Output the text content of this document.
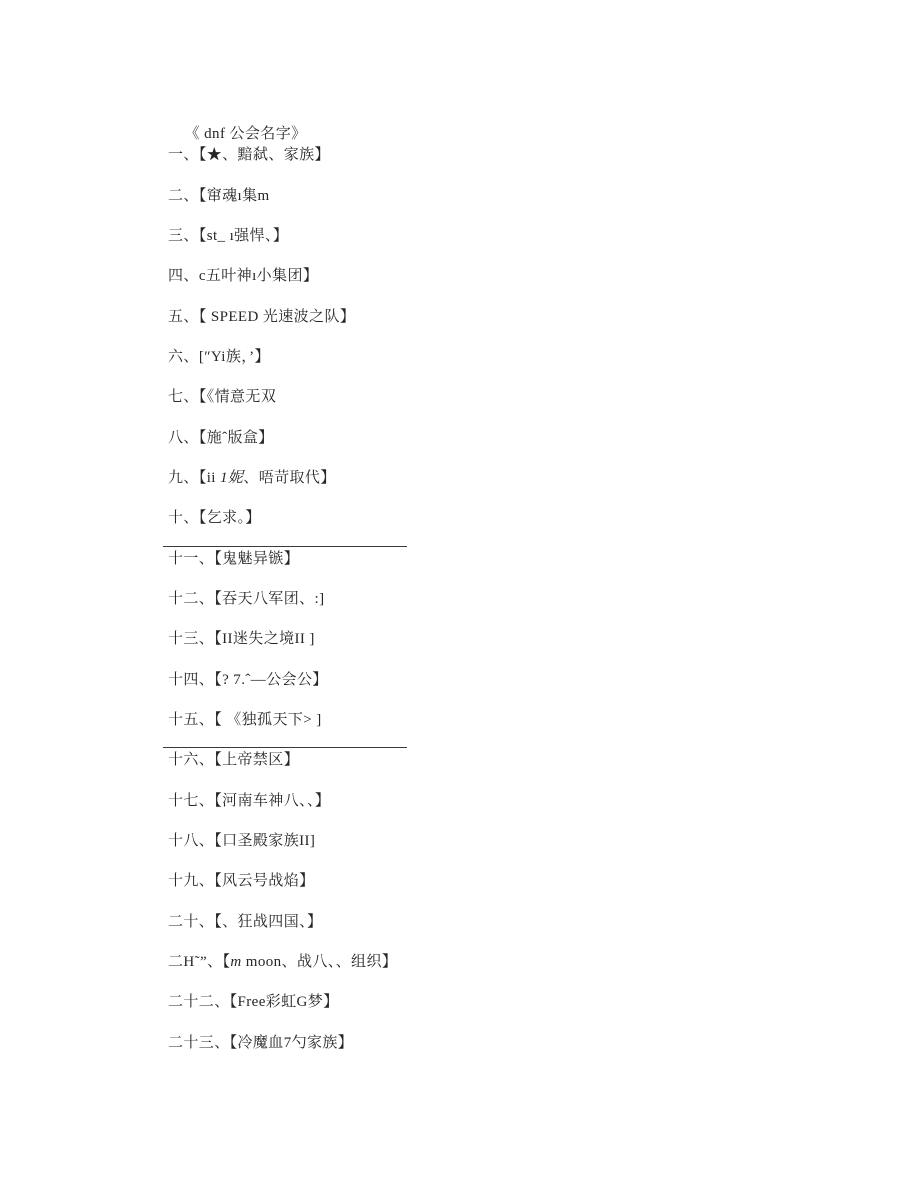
《 dnf 公会名字》

一、【★、黯弑、家族】
二、【窜魂ı集m
三、【st_ ı强悍、】
四、c五叶神ı小集团】
五、【 SPEED 光速波之队】
六、[″Yi族，’】
七、【《情意无双
八、【施ˆ版盒】
九、【ii 1妮、唔苛取代】
十、【乞求。】
十一、【鬼魅异镞】
十二、【吞天八军团、:]
十三、【II迷失之境II ]
十四、【? 7.ˆ—公会公】
十五、【 《独孤天下> ]
十六、【上帝禁区】
十七、【河南车神八、、】
十八、【口圣殿家族II]
十九、【风云号战焰】
二十、【、狂战四国、】
二H˜”、【m moon、战八、、组织】
二十二、【Free彩虹G梦】
二十三、【冷魔血7勺家族】
